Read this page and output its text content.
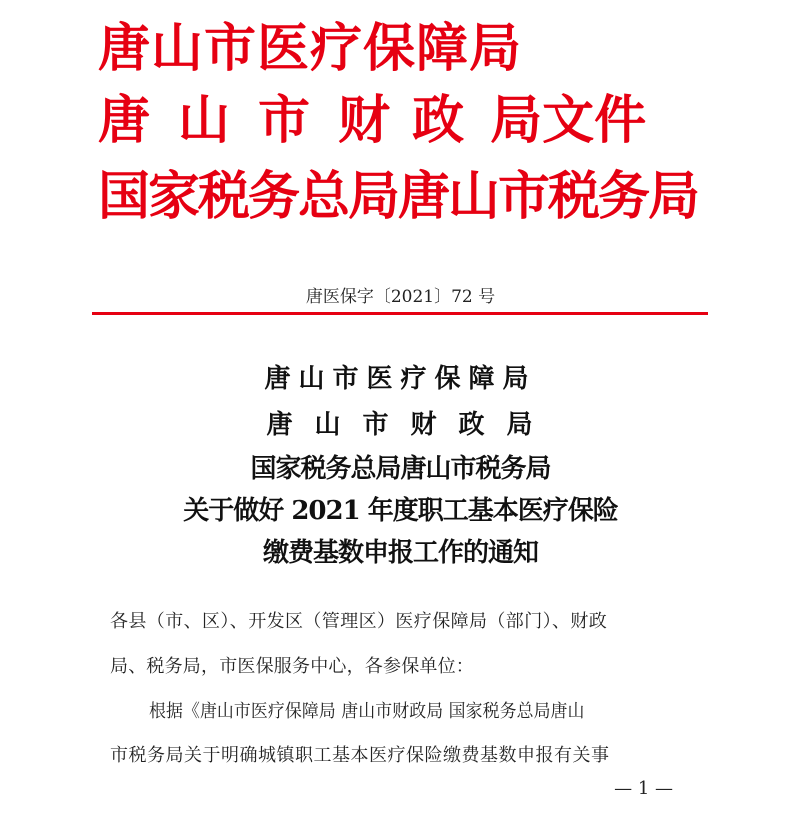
唐山市医疗保障局
唐 山 市 财 政 局文件
国家税务总局唐山市税务局
唐医保字〔2021〕72 号
唐山市医疗保障局
唐 山 市 财 政 局
国家税务总局唐山市税务局
关于做好 2021 年度职工基本医疗保险
缴费基数申报工作的通知
各县（市、区）、开发区（管理区）医疗保障局（部门）、财政
局、税务局，市医保服务中心，各参保单位：
根据《唐山市医疗保障局 唐山市财政局 国家税务总局唐山
市税务局关于明确城镇职工基本医疗保险缴费基数申报有关事
— 1 —
